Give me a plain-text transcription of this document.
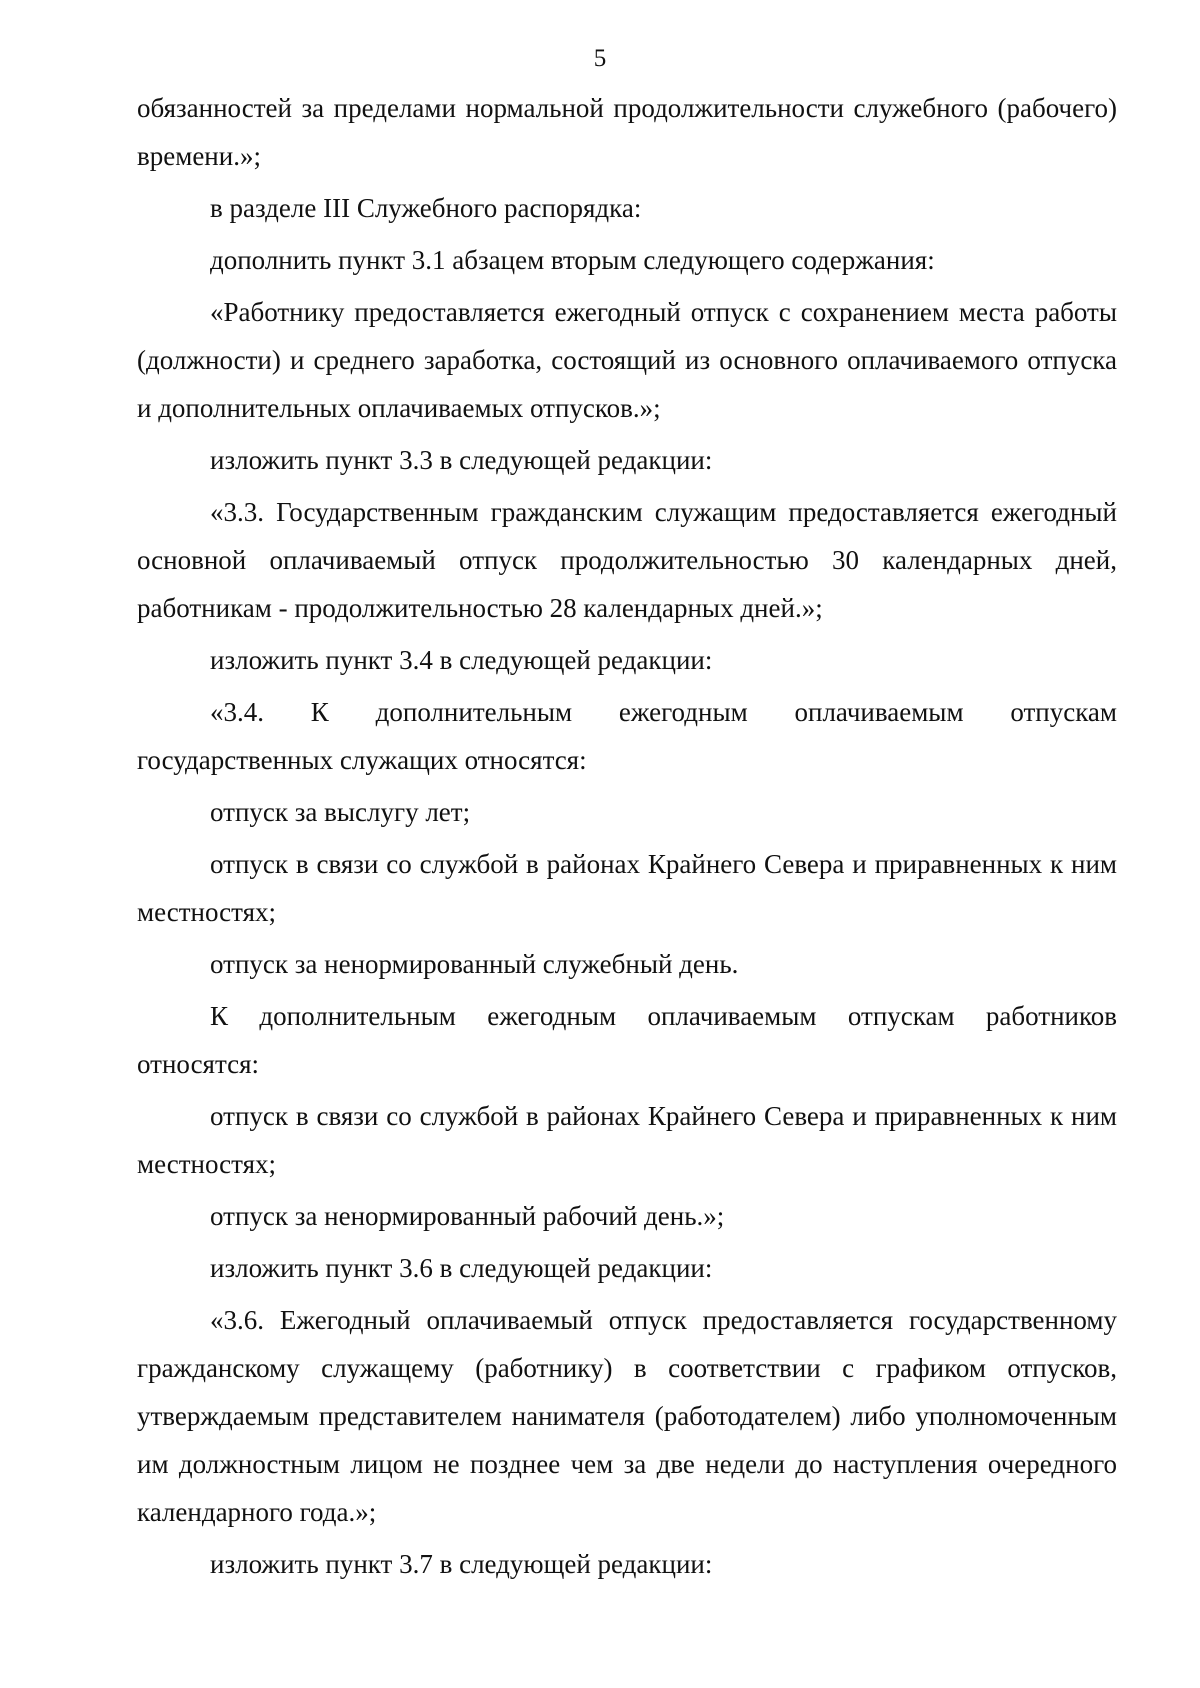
5

обязанностей за пределами нормальной продолжительности служебного (рабочего) времени.»;

в разделе III Служебного распорядка:

дополнить пункт 3.1 абзацем вторым следующего содержания:

«Работнику предоставляется ежегодный отпуск с сохранением места работы (должности) и среднего заработка, состоящий из основного оплачиваемого отпуска и дополнительных оплачиваемых отпусков.»;

изложить пункт 3.3 в следующей редакции:

«3.3. Государственным гражданским служащим предоставляется ежегодный основной оплачиваемый отпуск продолжительностью 30 календарных дней, работникам - продолжительностью 28 календарных дней.»;

изложить пункт 3.4 в следующей редакции:

«3.4. К дополнительным ежегодным оплачиваемым отпускам государственных служащих относятся:

отпуск за выслугу лет;

отпуск в связи со службой в районах Крайнего Севера и приравненных к ним местностях;

отпуск за ненормированный служебный день.

К дополнительным ежегодным оплачиваемым отпускам работников относятся:

отпуск в связи со службой в районах Крайнего Севера и приравненных к ним местностях;

отпуск за ненормированный рабочий день.»;

изложить пункт 3.6 в следующей редакции:

«3.6. Ежегодный оплачиваемый отпуск предоставляется государственному гражданскому служащему (работнику) в соответствии с графиком отпусков, утверждаемым представителем нанимателя (работодателем) либо уполномоченным им должностным лицом не позднее чем за две недели до наступления очередного календарного года.»;

изложить пункт 3.7 в следующей редакции:
